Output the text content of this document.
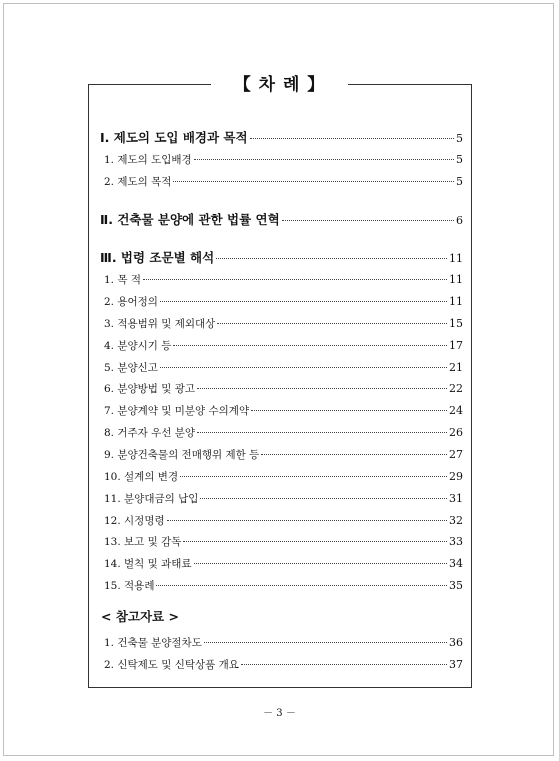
【 차 례 】
Ⅰ. 제도의 도입 배경과 목적	5
1. 제도의 도입배경	5
2. 제도의 목적	5
Ⅱ. 건축물 분양에 관한 법률 연혁	6
Ⅲ. 법령 조문별 해석	11
1. 목 적	11
2. 용어정의	11
3. 적용범위 및 제외대상	15
4. 분양시기 등	17
5. 분양신고	21
6. 분양방법 및 광고	22
7. 분양계약 및 미분양 수의계약	24
8. 거주자 우선 분양	26
9. 분양건축물의 전매행위 제한 등	27
10. 설계의 변경	29
11. 분양대금의 납입	31
12. 시정명령	32
13. 보고 및 감독	33
14. 벌칙 및 과태료	34
15. 적용례	35
< 참고자료 >
1. 건축물 분양절차도	36
2. 신탁제도 및 신탁상품 개요	37
－ 3 －
